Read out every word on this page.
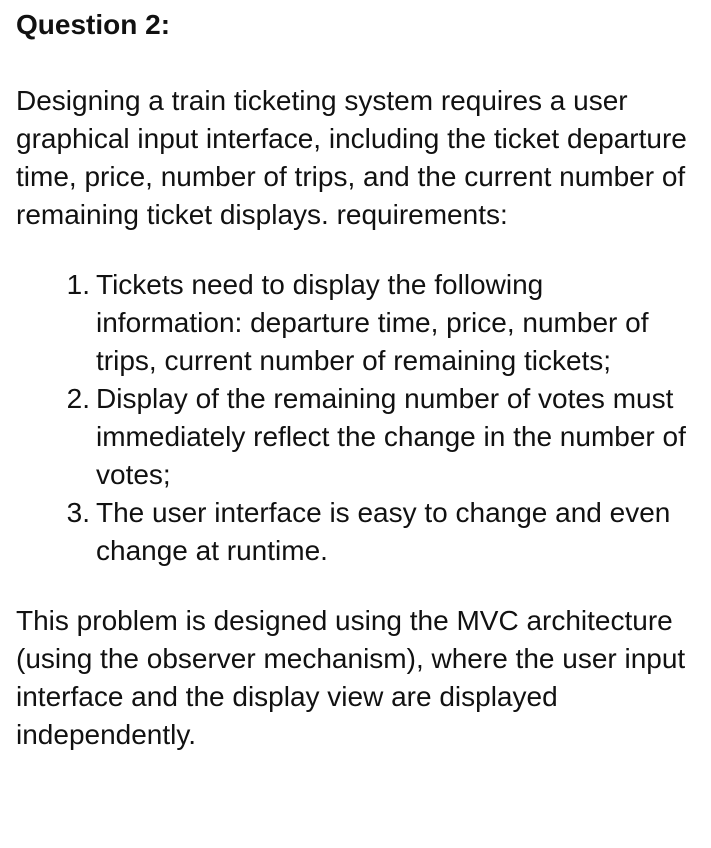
Question 2:

Designing a train ticketing system requires a user graphical input interface, including the ticket departure time, price, number of trips, and the current number of remaining ticket displays. requirements:

1. Tickets need to display the following information: departure time, price, number of trips, current number of remaining tickets;
2. Display of the remaining number of votes must immediately reflect the change in the number of votes;
3. The user interface is easy to change and even change at runtime.

This problem is designed using the MVC architecture (using the observer mechanism), where the user input interface and the display view are displayed independently.
